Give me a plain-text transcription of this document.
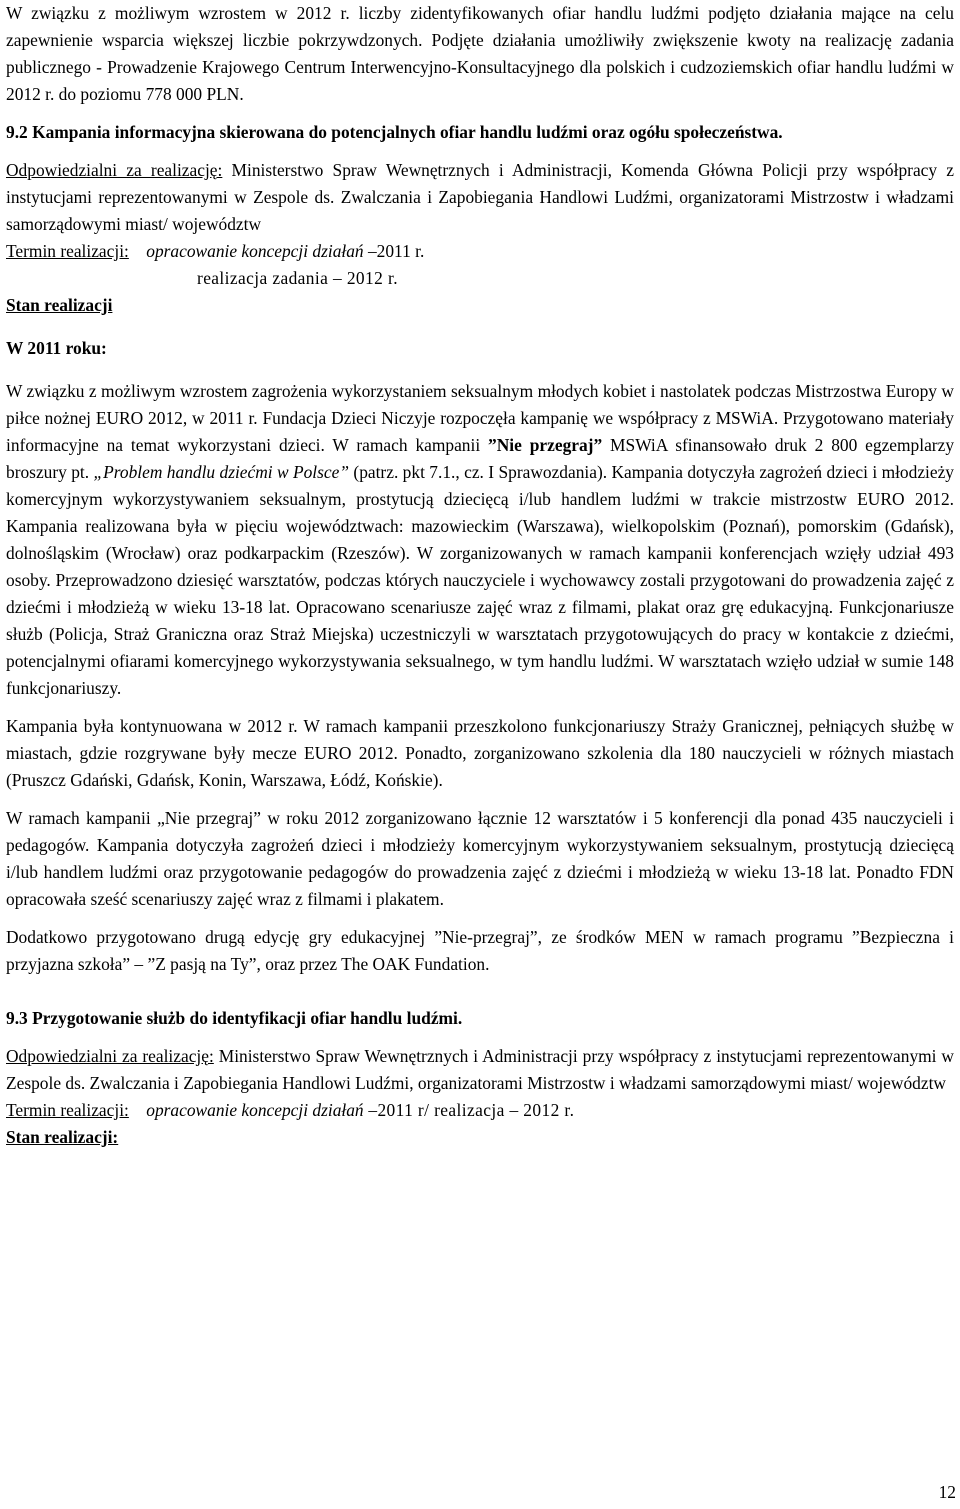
W związku z możliwym wzrostem w 2012 r. liczby zidentyfikowanych ofiar handlu ludźmi podjęto działania mające na celu zapewnienie wsparcia większej liczbie pokrzywdzonych. Podjęte działania umożliwiły zwiększenie kwoty na realizację zadania publicznego - Prowadzenie Krajowego Centrum Interwencyjno-Konsultacyjnego dla polskich i cudzoziemskich ofiar handlu ludźmi w 2012 r. do poziomu 778 000 PLN.

9.2 Kampania informacyjna skierowana do potencjalnych ofiar handlu ludźmi oraz ogółu społeczeństwa.

Odpowiedzialni za realizację: Ministerstwo Spraw Wewnętrznych i Administracji, Komenda Główna Policji przy współpracy z instytucjami reprezentowanymi w Zespole ds. Zwalczania i Zapobiegania Handlowi Ludźmi, organizatorami Mistrzostw i władzami samorządowymi miast/ województw

Termin realizacji: opracowanie koncepcji działań –2011 r.

realizacja zadania – 2012 r.

Stan realizacji

W 2011 roku:

W związku z możliwym wzrostem zagrożenia wykorzystaniem seksualnym młodych kobiet i nastolatek podczas Mistrzostwa Europy w piłce nożnej EURO 2012, w 2011 r. Fundacja Dzieci Niczyje rozpoczęła kampanię we współpracy z MSWiA. Przygotowano materiały informacyjne na temat wykorzystani dzieci. W ramach kampanii ”Nie przegraj” MSWiA sfinansowało druk 2 800 egzemplarzy broszury pt. „Problem handlu dziećmi w Polsce” (patrz. pkt 7.1., cz. I Sprawozdania). Kampania dotyczyła zagrożeń dzieci i młodzieży komercyjnym wykorzystywaniem seksualnym, prostytucją dziecięcą i/lub handlem ludźmi w trakcie mistrzostw EURO 2012. Kampania realizowana była w pięciu województwach: mazowieckim (Warszawa), wielkopolskim (Poznań), pomorskim (Gdańsk), dolnośląskim (Wrocław) oraz podkarpackim (Rzeszów). W zorganizowanych w ramach kampanii konferencjach wzięły udział 493 osoby. Przeprowadzono dziesięć warsztatów, podczas których nauczyciele i wychowawcy zostali przygotowani do prowadzenia zajęć z dziećmi i młodzieżą w wieku 13-18 lat. Opracowano scenariusze zajęć wraz z filmami, plakat oraz grę edukacyjną. Funkcjonariusze służb (Policja, Straż Graniczna oraz Straż Miejska) uczestniczyli w warsztatach przygotowujących do pracy w kontakcie z dziećmi, potencjalnymi ofiarami komercyjnego wykorzystywania seksualnego, w tym handlu ludźmi. W warsztatach wzięło udział w sumie 148 funkcjonariuszy.

Kampania była kontynuowana w 2012 r. W ramach kampanii przeszkolono funkcjonariuszy Straży Granicznej, pełniących służbę w miastach, gdzie rozgrywane były mecze EURO 2012. Ponadto, zorganizowano szkolenia dla 180 nauczycieli w różnych miastach (Pruszcz Gdański, Gdańsk, Konin, Warszawa, Łódź, Końskie).

W ramach kampanii „Nie przegraj” w roku 2012 zorganizowano łącznie 12 warsztatów i 5 konferencji dla ponad 435 nauczycieli i pedagogów. Kampania dotyczyła zagrożeń dzieci i młodzieży komercyjnym wykorzystywaniem seksualnym, prostytucją dziecięcą i/lub handlem ludźmi oraz przygotowanie pedagogów do prowadzenia zajęć z dziećmi i młodzieżą w wieku 13-18 lat. Ponadto FDN opracowała sześć scenariuszy zajęć wraz z filmami i plakatem.

Dodatkowo przygotowano drugą edycję gry edukacyjnej ”Nie-przegraj”, ze środków MEN w ramach programu ”Bezpieczna i przyjazna szkoła” – ”Z pasją na Ty”, oraz przez The OAK Fundation.

9.3 Przygotowanie służb do identyfikacji ofiar handlu ludźmi.

Odpowiedzialni za realizację: Ministerstwo Spraw Wewnętrznych i Administracji przy współpracy z instytucjami reprezentowanymi w Zespole ds. Zwalczania i Zapobiegania Handlowi Ludźmi, organizatorami Mistrzostw i władzami samorządowymi miast/ województw

Termin realizacji: opracowanie koncepcji działań –2011 r/ realizacja – 2012 r.

Stan realizacji:

12
